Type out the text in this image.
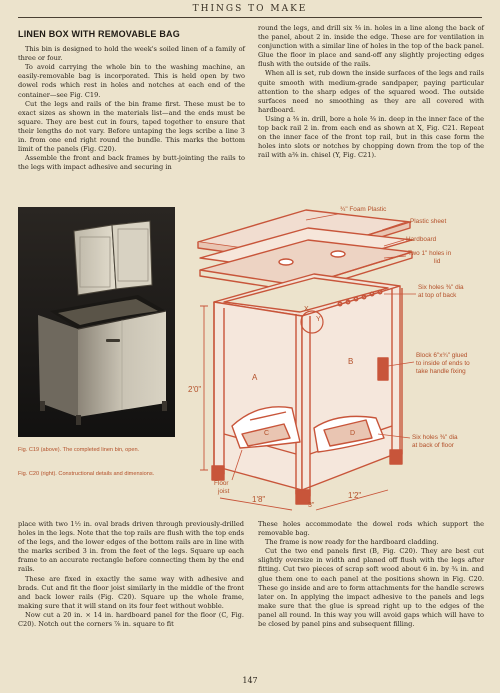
THINGS TO MAKE
LINEN BOX WITH REMOVABLE BAG

This bin is designed to hold the week's soiled linen of a family of three or four.

To avoid carrying the whole bin to the washing machine, an easily-removable bag is incorporated. This is held open by two dowel rods which rest in holes and notches at each end of the container—see Fig. C19.

Cut the legs and rails of the bin frame first. These must be to exact sizes as shown in the materials list—and the ends must be square. They are best cut in fours, taped together to ensure that their lengths do not vary. Before untaping the legs scribe a line 3 in. from one end right round the bundle. This marks the bottom limit of the panels (Fig. C20).

Assemble the front and back frames by butt-jointing the rails to the legs with impact adhesive and securing in

round the legs, and drill six ⅜ in. holes in a line along the back of the panel, about 2 in. inside the edge. These are for ventilation in conjunction with a similar line of holes in the top of the back panel. Glue the floor in place and sand-off any slightly projecting edges flush with the outside of the rails.

When all is set, rub down the inside surfaces of the legs and rails quite smooth with medium-grade sandpaper, paying particular attention to the sharp edges of the squared wood. The outside surfaces need no smoothing as they are all covered with hardboard.

Using a ⅜ in. drill, bore a hole ⅜ in. deep in the inner face of the top back rail 2 in. from each end as shown at X, Fig. C21. Repeat on the inner face of the front top rail, but in this case form the holes into slots or notches by chopping down from the top of the rail with a⅜ in. chisel (Y, Fig. C21).

Fig. C19 (above). The completed linen bin, open.
Fig. C20 (right). Constructional details and dimensions.
¾" Foam Plastic
Plastic sheet
Hardboard
Two 1" holes in
lid
Six holes ⅜" dia
at top of back
Block 6"x¾" glued
to inside of ends to
take handle fixing
Six holes ⅜" dia
at back of floor
Floor
joist
2'0"
1'8"
3"
1'2"
A
B
C	D
X
Y

place with two 1½ in. oval brads driven through previously-drilled holes in the legs. Note that the top rails are flush with the top ends of the legs, and the lower edges of the bottom rails are in line with the marks scribed 3 in. from the feet of the legs. Square up each frame to an accurate rectangle before connecting them by the end rails.

These are fixed in exactly the same way with adhesive and brads. Cut and fit the floor joist similarly in the middle of the front and back lower rails (Fig. C20). Square up the whole frame, making sure that it will stand on its four feet without wobble.

Now cut a 20 in. × 14 in. hardboard panel for the floor (C, Fig. C20). Notch out the corners ⅞ in. square to fit

These holes accommodate the dowel rods which support the removable bag.

The frame is now ready for the hardboard cladding.

Cut the two end panels first (B, Fig. C20). They are best cut slightly oversize in width and planed off flush with the legs after fitting. Cut two pieces of scrap soft wood about 6 in. by ¾ in. and glue them one to each panel at the positions shown in Fig. C20. These go inside and are to form attachments for the handle screws later on. In applying the impact adhesive to the panels and legs make sure that the glue is spread right up to the edges of the panel all round. In this way you will avoid gaps which will have to be closed by panel pins and subsequent filling.

147
